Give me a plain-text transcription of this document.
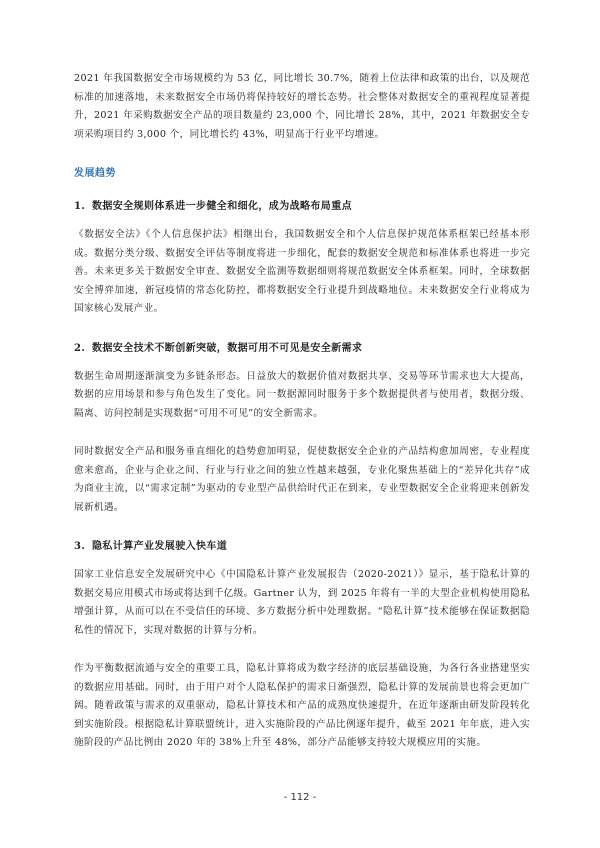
2021 年我国数据安全市场规模约为 53 亿，同比增长 30.7%，随着上位法律和政策的出台，以及规范标准的加速落地，未来数据安全市场仍将保持较好的增长态势。社会整体对数据安全的重视程度显著提升，2021 年采购数据安全产品的项目数量约 23,000 个，同比增长 28%，其中，2021 年数据安全专项采购项目约 3,000 个，同比增长约 43%，明显高于行业平均增速。

发展趋势
1. 数据安全规则体系进一步健全和细化，成为战略布局重点

《数据安全法》《个人信息保护法》相继出台，我国数据安全和个人信息保护规范体系框架已经基本形成。数据分类分级、数据安全评估等制度将进一步细化，配套的数据安全规范和标准体系也将进一步完善。未来更多关于数据安全审查、数据安全监测等数据细则将规范数据安全体系框架。同时，全球数据安全博弈加速，新冠疫情的常态化防控，都将数据安全行业提升到战略地位。未来数据安全行业将成为国家核心发展产业。

2. 数据安全技术不断创新突破，数据可用不可见是安全新需求

数据生命周期逐渐演变为多链条形态。日益放大的数据价值对数据共享、交易等环节需求也大大提高，数据的应用场景和参与角色发生了变化。同一数据源同时服务于多个数据提供者与使用者，数据分级、隔离、访问控制是实现数据“可用不可见”的安全新需求。

同时数据安全产品和服务垂直细化的趋势愈加明显，促使数据安全企业的产品结构愈加周密，专业程度愈来愈高，企业与企业之间、行业与行业之间的独立性越来越强，专业化聚焦基础上的“差异化共存”成为商业主流，以“需求定制”为驱动的专业型产品供给时代正在到来，专业型数据安全企业将迎来创新发展新机遇。

3. 隐私计算产业发展驶入快车道

国家工业信息安全发展研究中心《中国隐私计算产业发展报告（2020-2021）》显示，基于隐私计算的数据交易应用模式市场或将达到千亿级。Gartner 认为，到 2025 年将有一半的大型企业机构使用隐私增强计算，从而可以在不受信任的环境、多方数据分析中处理数据。“隐私计算”技术能够在保证数据隐私性的情况下，实现对数据的计算与分析。

作为平衡数据流通与安全的重要工具，隐私计算将成为数字经济的底层基础设施，为各行各业搭建坚实的数据应用基础。同时，由于用户对个人隐私保护的需求日渐强烈，隐私计算的发展前景也将会更加广阔。随着政策与需求的双重驱动，隐私计算技术和产品的成熟度快速提升，在近年逐渐由研发阶段转化到实施阶段。根据隐私计算联盟统计，进入实施阶段的产品比例逐年提升，截至 2021 年年底，进入实施阶段的产品比例由 2020 年的 38%上升至 48%，部分产品能够支持较大规模应用的实施。

- 112 -
